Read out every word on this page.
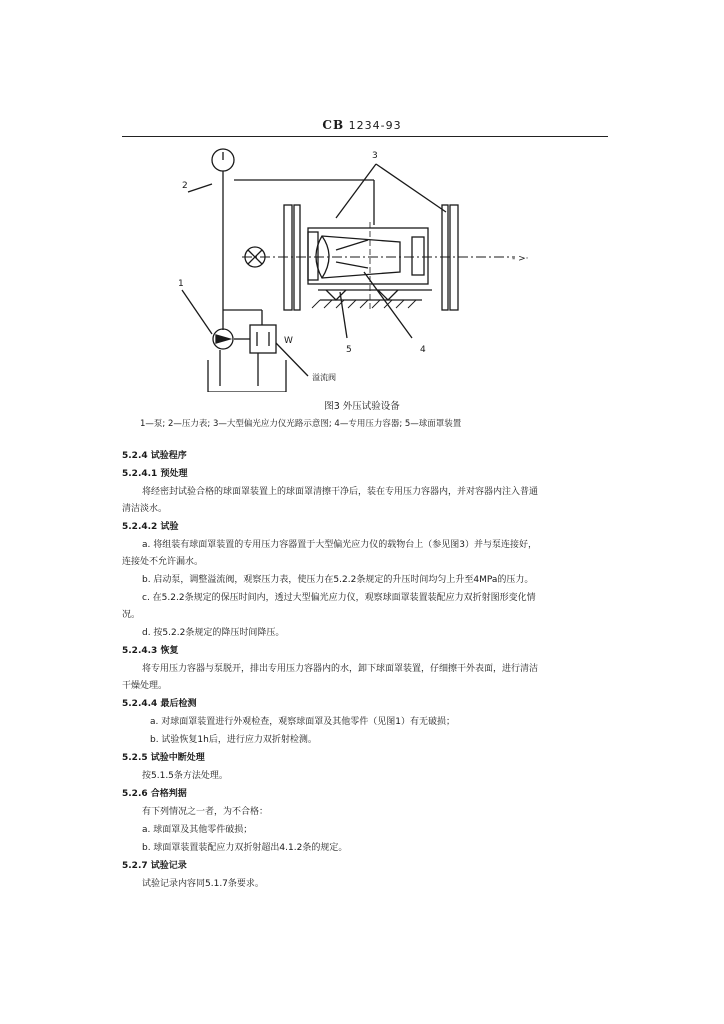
CB 1234-93
2
1
3
5	4
W
溢流阀
- >·
图3 外压试验设备
1—泵; 2—压力表; 3—大型偏光应力仪光路示意图; 4—专用压力容器; 5—球面罩装置
5.2.4 试验程序
5.2.4.1 预处理
将经密封试验合格的球面罩装置上的球面罩清擦干净后，装在专用压力容器内，并对容器内注入普通
清洁淡水。
5.2.4.2 试验
a. 将组装有球面罩装置的专用压力容器置于大型偏光应力仪的载物台上（参见图3）并与泵连接好，
连接处不允许漏水。
b. 启动泵，调整溢流阀，观察压力表，使压力在5.2.2条规定的升压时间均匀上升至4MPa的压力。
c. 在5.2.2条规定的保压时间内，透过大型偏光应力仪，观察球面罩装置装配应力双折射图形变化情
况。
d. 按5.2.2条规定的降压时间降压。
5.2.4.3 恢复
将专用压力容器与泵脱开，排出专用压力容器内的水，卸下球面罩装置，仔细擦干外表面，进行清洁
干燥处理。
5.2.4.4 最后检测
a. 对球面罩装置进行外观检查，观察球面罩及其他零件（见图1）有无破损；
b. 试验恢复1h后，进行应力双折射检测。
5.2.5 试验中断处理
按5.1.5条方法处理。
5.2.6 合格判据
有下列情况之一者，为不合格：
a. 球面罩及其他零件破损；
b. 球面罩装置装配应力双折射超出4.1.2条的规定。
5.2.7 试验记录
试验记录内容同5.1.7条要求。
